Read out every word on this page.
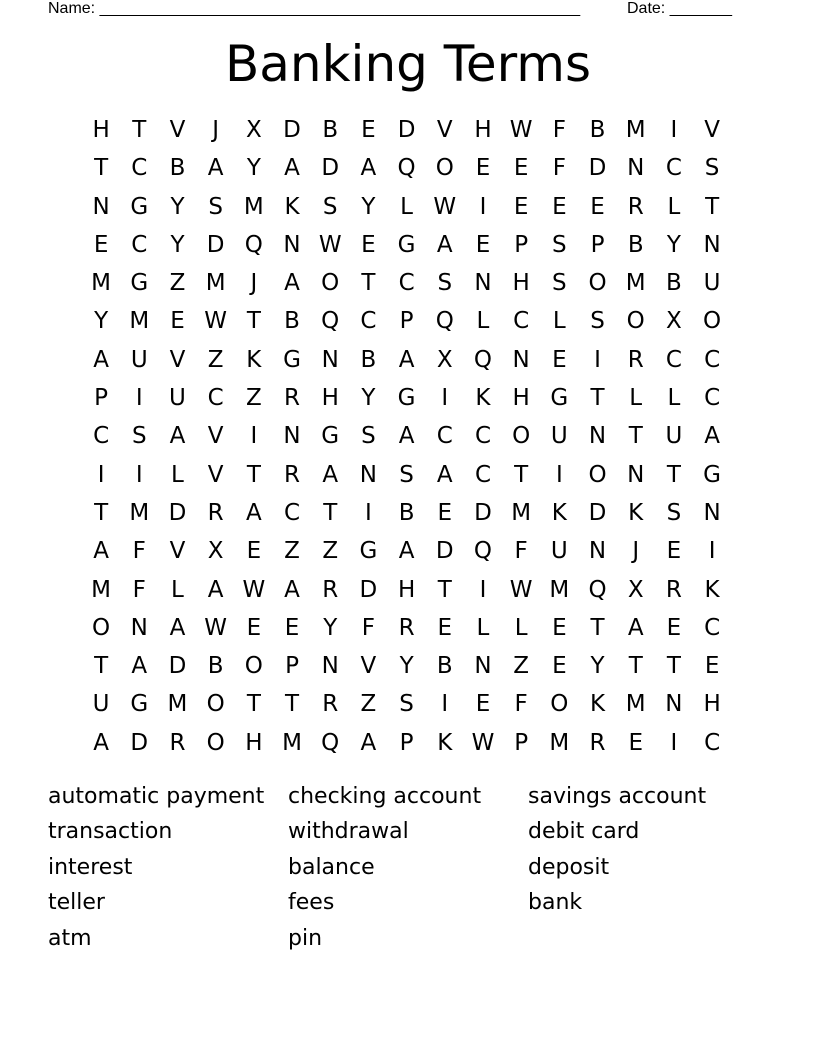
Name: ______________________________________________________	Date: _______
Banking Terms
H T	V	J	X D B	E D V H W F	B M	I	V
T	C B A	Y	A D A Q O E	E	F D N C S
N G Y	S M K	S	Y	L W	I	E	E	E R	L	T
E C	Y D Q N W E G A	E	P	S	P	B	Y N
M G Z M	J	A O T	C S N H S O M B U
Y M E W T	B Q C	P Q L	C	L	S O X O
A U V Z K G N B A X Q N E	I	R C C
P	I	U C Z R H Y G	I	K H G T	L	L	C
C S	A V	I	N G S	A C C O U N T U A
I	I	L	V	T	R A N S	A C	T	I	O N T G
T M D R A C	T	I	B	E D M K D K	S N
A	F	V X	E	Z Z G A D Q F	U N	J	E	I
M F	L	A W A R D H T	I	W M Q X R K
O N A W E	E	Y	F	R E	L	L	E	T	A	E C
T	A D B O P N V	Y	B N Z	E	Y	T	T	E
U G M O T	T	R Z	S	I	E	F O K M N H
A D R O H M Q A	P	K W P M R E	I	C
automatic payment	checking account	savings account
transaction	withdrawal	debit card
interest	balance	deposit
teller	fees	bank
atm	pin
